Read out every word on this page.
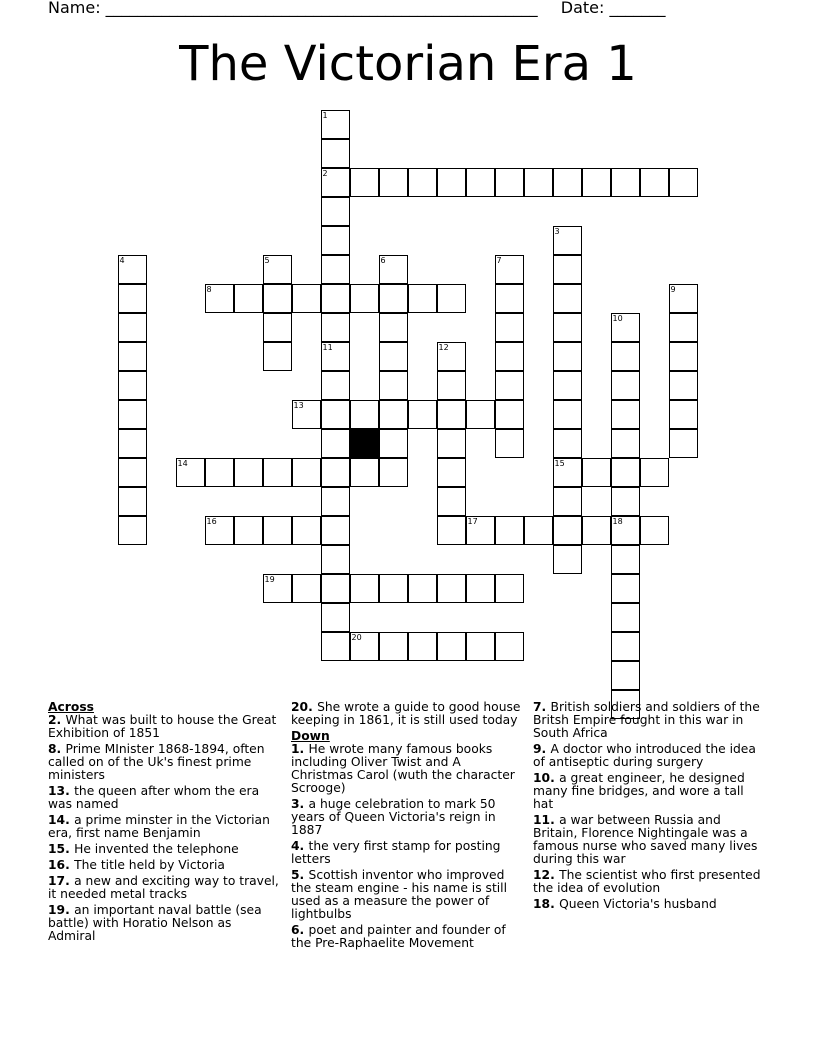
Name: ______________________________________________________ Date: _______
The Victorian Era 1
2
8
13
14	15
16	17	18
19
20
1
11
3
4	5	6	7
9
10
12
Across
2. What was built to house the Great Exhibition of 1851
8. Prime MInister 1868-1894, often called on of the Uk's finest prime ministers
13. the queen after whom the era was named
14. a prime minster in the Victorian era, first name Benjamin
15. He invented the telephone
16. The title held by Victoria
17. a new and exciting way to travel, it needed metal tracks
19. an important naval battle (sea battle) with Horatio Nelson as Admiral
20. She wrote a guide to good house keeping in 1861, it is still used today
Down
1. He wrote many famous books including Oliver Twist and A Christmas Carol (wuth the character Scrooge)
3. a huge celebration to mark 50 years of Queen Victoria's reign in 1887
4. the very first stamp for posting letters
5. Scottish inventor who improved the steam engine - his name is still used as a measure the power of lightbulbs
6. poet and painter and founder of the Pre-Raphaelite Movement
7. British soldiers and soldiers of the Britsh Empire fought in this war in South Africa
9. A doctor who introduced the idea of antiseptic during surgery
10. a great engineer, he designed many fine bridges, and wore a tall hat
11. a war between Russia and Britain, Florence Nightingale was a famous nurse who saved many lives during this war
12. The scientist who first presented the idea of evolution
18. Queen Victoria's husband
